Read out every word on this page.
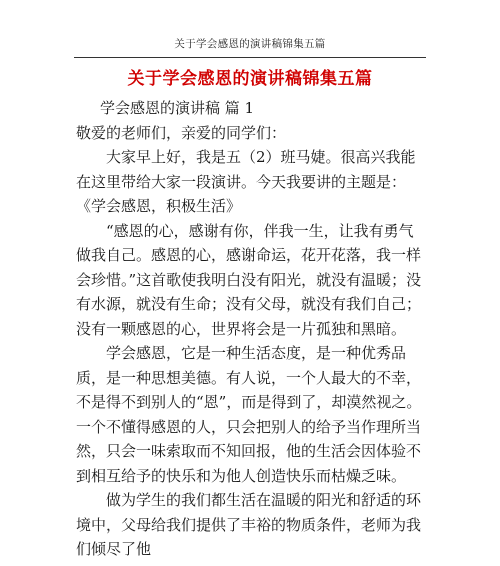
关于学会感恩的演讲稿锦集五篇
关于学会感恩的演讲稿锦集五篇

学会感恩的演讲稿 篇 1

敬爱的老师们，亲爱的同学们：

大家早上好，我是五（2）班马婕。很高兴我能在这里带给大家一段演讲。今天我要讲的主题是：《学会感恩，积极生活》

“感恩的心，感谢有你，伴我一生，让我有勇气做我自己。感恩的心，感谢命运，花开花落，我一样会珍惜。”这首歌使我明白没有阳光，就没有温暖；没有水源，就没有生命；没有父母，就没有我们自己；没有一颗感恩的心，世界将会是一片孤独和黑暗。

学会感恩，它是一种生活态度，是一种优秀品质，是一种思想美德。有人说，一个人最大的不幸，不是得不到别人的“恩”，而是得到了，却漠然视之。一个不懂得感恩的人，只会把别人的给予当作理所当然，只会一味索取而不知回报，他的生活会因体验不到相互给予的快乐和为他人创造快乐而枯燥乏味。

做为学生的我们都生活在温暖的阳光和舒适的环境中，父母给我们提供了丰裕的物质条件，老师为我们倾尽了他
